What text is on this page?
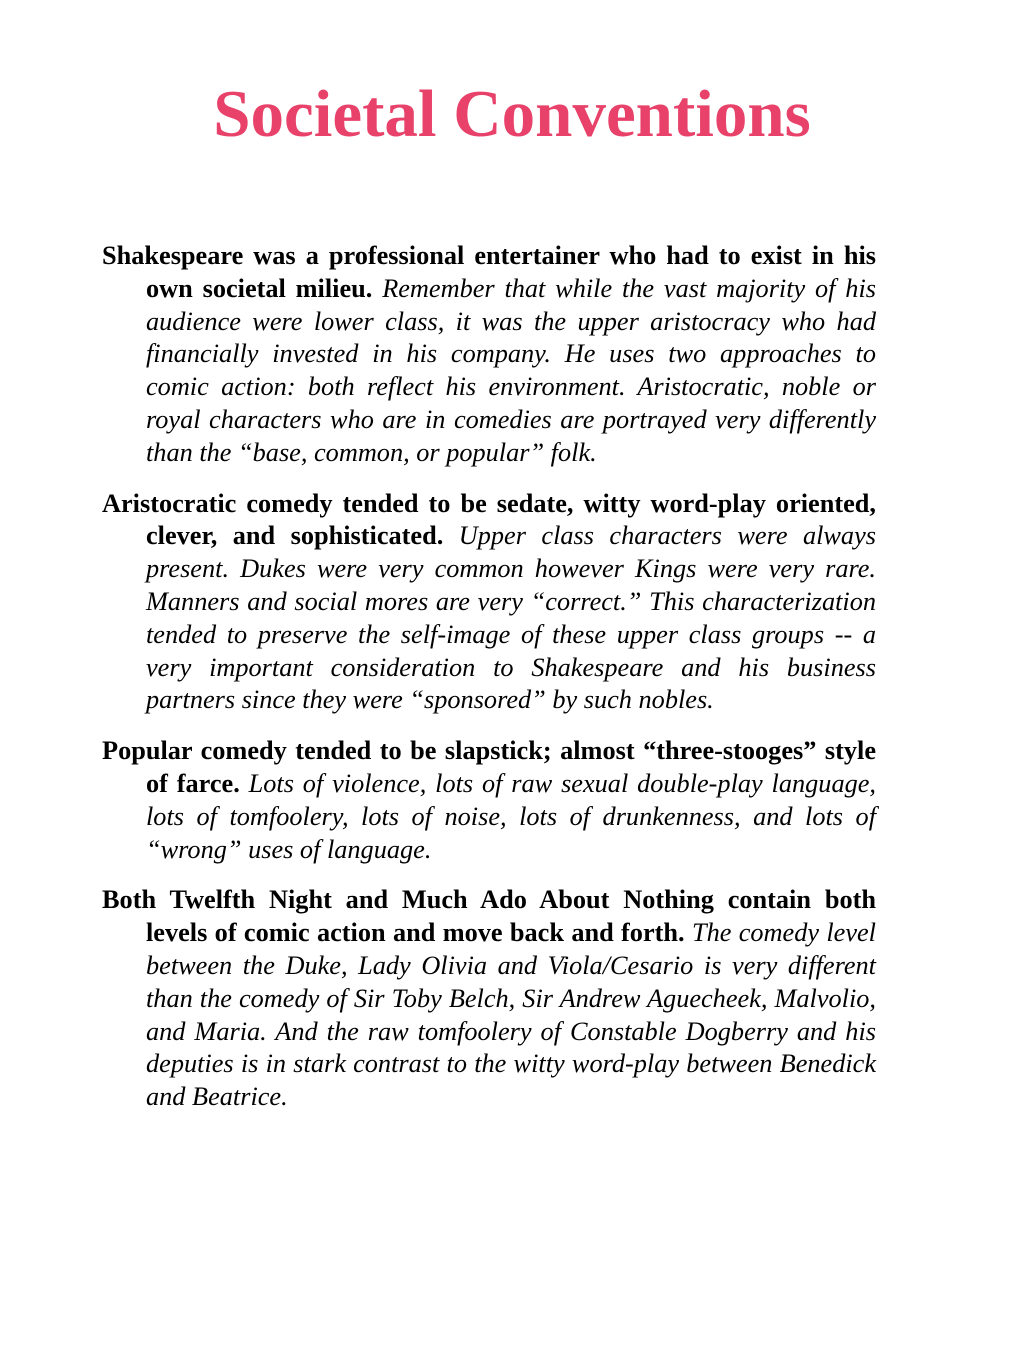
Societal Conventions

Shakespeare was a professional entertainer who had to exist in his own societal milieu. Remember that while the vast majority of his audience were lower class, it was the upper aristocracy who had financially invested in his company. He uses two approaches to comic action: both reflect his environment. Aristocratic, noble or royal characters who are in comedies are portrayed very differently than the “base, common, or popular” folk.

Aristocratic comedy tended to be sedate, witty word-play oriented, clever, and sophisticated. Upper class characters were always present. Dukes were very common however Kings were very rare. Manners and social mores are very “correct.” This characterization tended to preserve the self-image of these upper class groups -- a very important consideration to Shakespeare and his business partners since they were “sponsored” by such nobles.

Popular comedy tended to be slapstick; almost “three-stooges” style of farce. Lots of violence, lots of raw sexual double-play language, lots of tomfoolery, lots of noise, lots of drunkenness, and lots of “wrong” uses of language.

Both Twelfth Night and Much Ado About Nothing contain both levels of comic action and move back and forth. The comedy level between the Duke, Lady Olivia and Viola/Cesario is very different than the comedy of Sir Toby Belch, Sir Andrew Aguecheek, Malvolio, and Maria. And the raw tomfoolery of Constable Dogberry and his deputies is in stark contrast to the witty word-play between Benedick and Beatrice.
